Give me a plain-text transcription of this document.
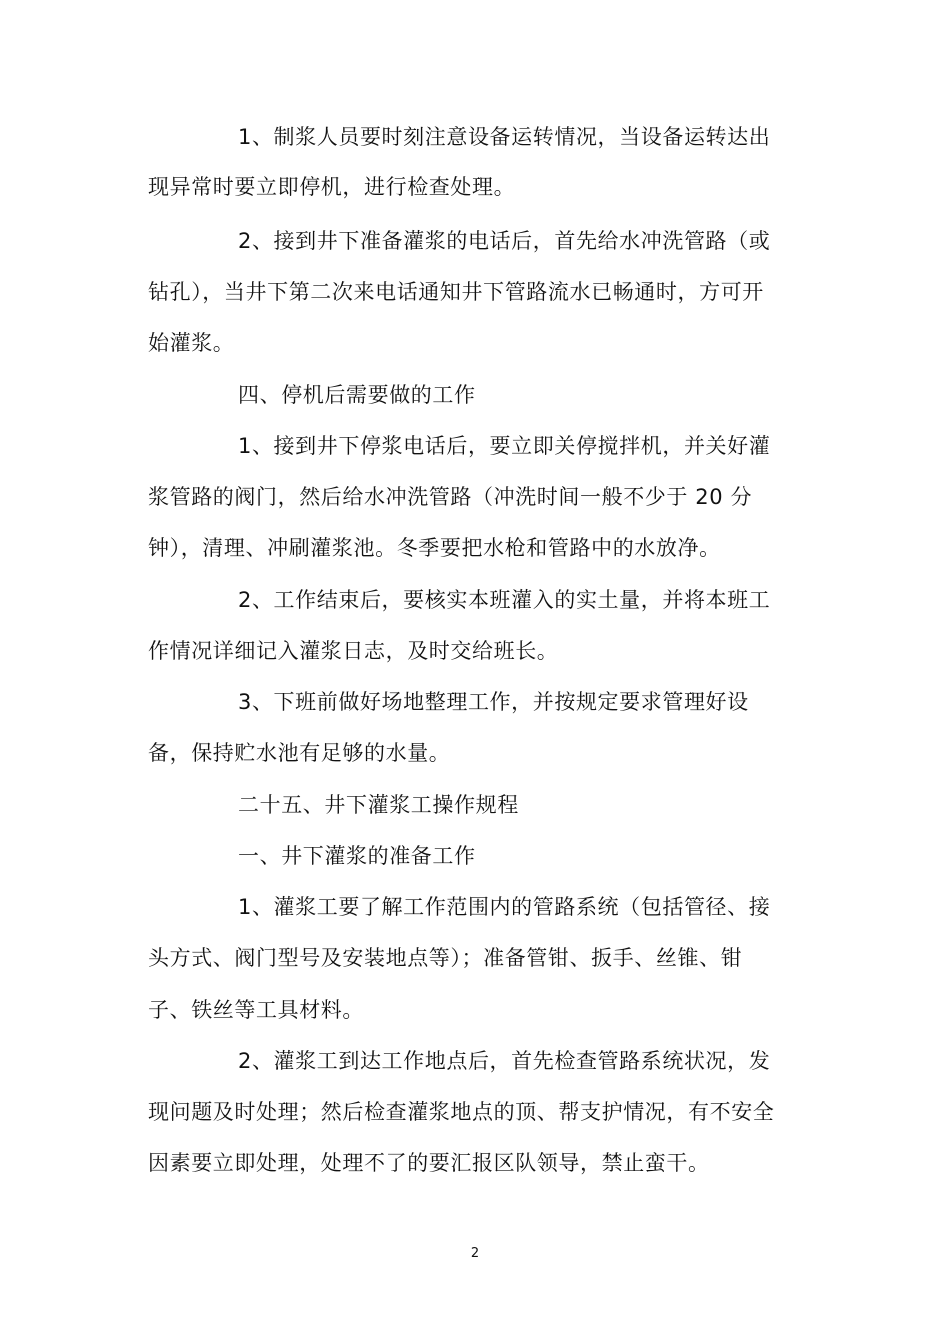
1、制浆人员要时刻注意设备运转情况，当设备运转达出
现异常时要立即停机，进行检查处理。
2、接到井下准备灌浆的电话后，首先给水冲洗管路（或
钻孔），当井下第二次来电话通知井下管路流水已畅通时，方可开
始灌浆。
四、停机后需要做的工作
1、接到井下停浆电话后，要立即关停搅拌机，并关好灌
浆管路的阀门，然后给水冲洗管路（冲洗时间一般不少于 20 分
钟），清理、冲刷灌浆池。冬季要把水枪和管路中的水放净。
2、工作结束后，要核实本班灌入的实土量，并将本班工
作情况详细记入灌浆日志，及时交给班长。
3、下班前做好场地整理工作，并按规定要求管理好设
备，保持贮水池有足够的水量。
二十五、井下灌浆工操作规程
一、井下灌浆的准备工作
1、灌浆工要了解工作范围内的管路系统（包括管径、接
头方式、阀门型号及安装地点等）；准备管钳、扳手、丝锥、钳
子、铁丝等工具材料。
2、灌浆工到达工作地点后，首先检查管路系统状况，发
现问题及时处理；然后检查灌浆地点的顶、帮支护情况，有不安全
因素要立即处理，处理不了的要汇报区队领导，禁止蛮干。
2
